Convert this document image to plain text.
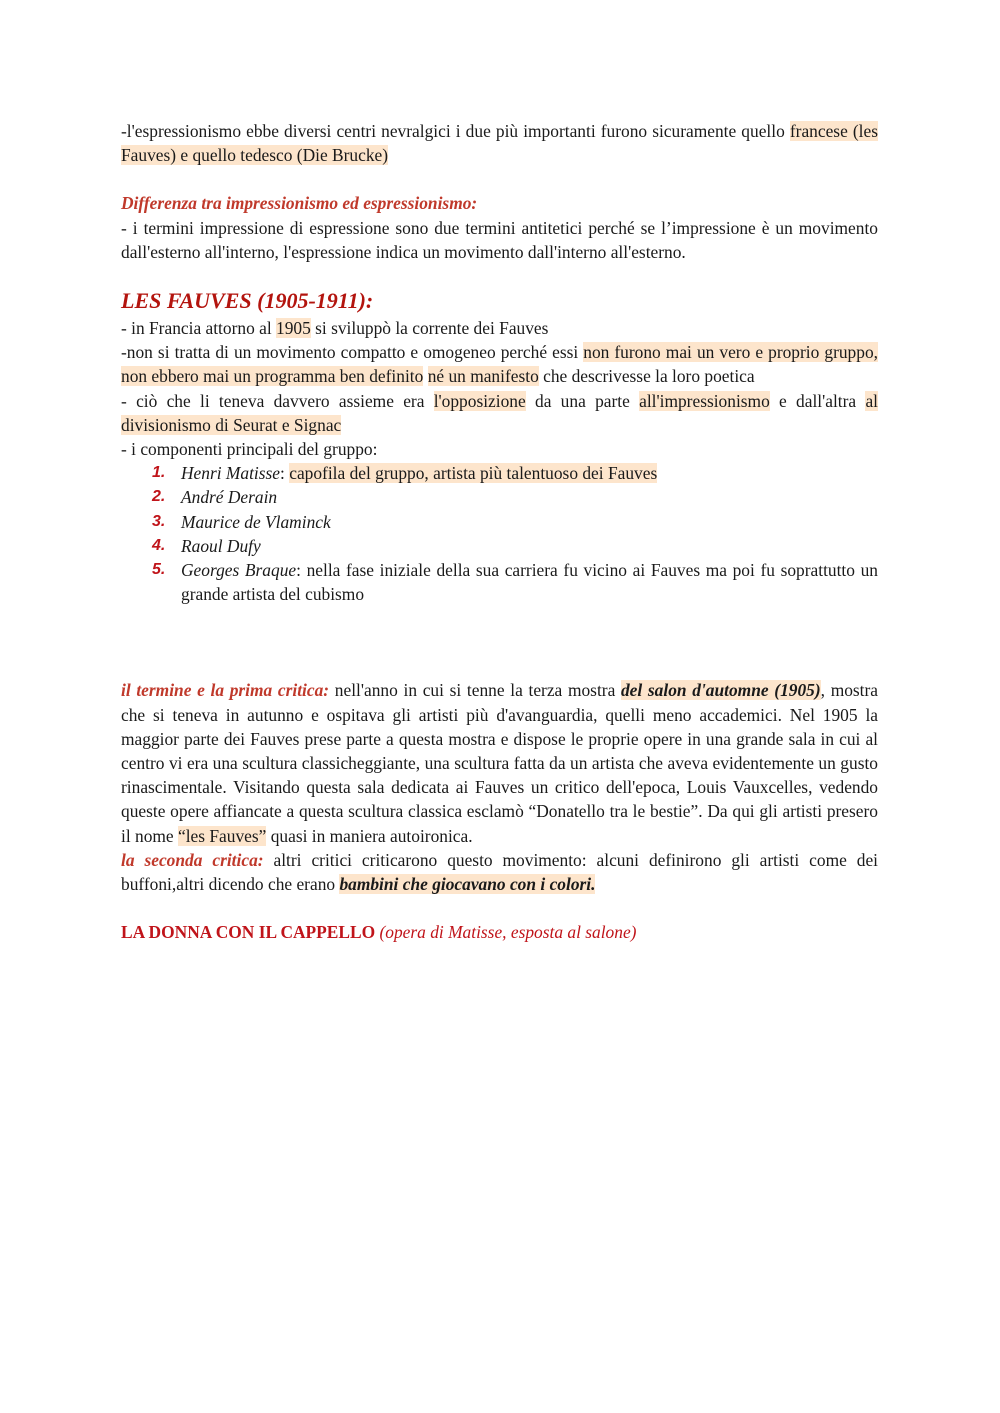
-l'espressionismo ebbe diversi centri nevralgici i due più importanti furono sicuramente quello francese (les Fauves) e quello tedesco (Die Brucke)

Differenza tra impressionismo ed espressionismo:

- i termini impressione di espressione sono due termini antitetici perché se l’impressione è un movimento dall'esterno all'interno, l'espressione indica un movimento dall'interno all'esterno.

LES FAUVES (1905-1911):

- in Francia attorno al 1905 si sviluppò la corrente dei Fauves

-non si tratta di un movimento compatto e omogeneo perché essi non furono mai un vero e proprio gruppo, non ebbero mai un programma ben definito né un manifesto che descrivesse la loro poetica

- ciò che li teneva davvero assieme era l'opposizione da una parte all'impressionismo e dall'altra al divisionismo di Seurat e Signac

- i componenti principali del gruppo:

1. Henri Matisse: capofila del gruppo, artista più talentuoso dei Fauves
2. André Derain
3. Maurice de Vlaminck
4. Raoul Dufy
5. Georges Braque: nella fase iniziale della sua carriera fu vicino ai Fauves ma poi fu soprattutto un grande artista del cubismo

il termine e la prima critica: nell'anno in cui si tenne la terza mostra del salon d'automne (1905), mostra che si teneva in autunno e ospitava gli artisti più d'avanguardia, quelli meno accademici. Nel 1905 la maggior parte dei Fauves prese parte a questa mostra e dispose le proprie opere in una grande sala in cui al centro vi era una scultura classicheggiante, una scultura fatta da un artista che aveva evidentemente un gusto rinascimentale. Visitando questa sala dedicata ai Fauves un critico dell'epoca, Louis Vauxcelles, vedendo queste opere affiancate a questa scultura classica esclamò “Donatello tra le bestie”. Da qui gli artisti presero il nome “les Fauves” quasi in maniera autoironica.

la seconda critica: altri critici criticarono questo movimento: alcuni definirono gli artisti come dei buffoni,altri dicendo che erano bambini che giocavano con i colori.

LA DONNA CON IL CAPPELLO (opera di Matisse, esposta al salone)
